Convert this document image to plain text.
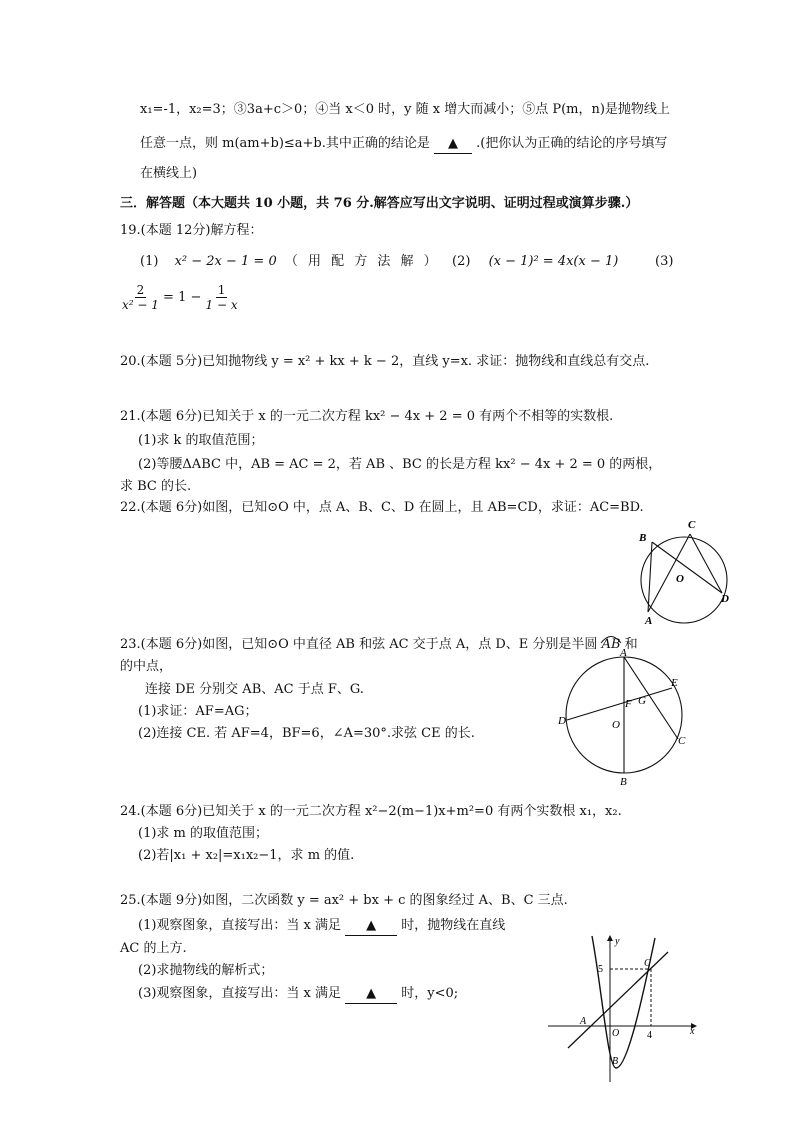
x₁=-1，x₂=3；③3a+c＞0；④当 x＜0 时，y 随 x 增大而减小；⑤点 P(m，n)是抛物线上
任意一点，则 m(am+b)≤a+b.其中正确的结论是 ▲ .(把你认为正确的结论的序号填写
在横线上)
三．解答题（本大题共 10 小题，共 76 分.解答应写出文字说明、证明过程或演算步骤.）
19.(本题 12分)解方程：
(1) x² − 2x − 1 = 0 （ 用 配 方 法 解 ） (2) (x − 1)² = 4x(x − 1)	(3)
$\frac{2}{\text{x² − 1}} = 1 - \frac{1}{1 - x}$
20.(本题 5分)已知抛物线 y = x² + kx + k − 2，直线 y=x. 求证：抛物线和直线总有交点.
21.(本题 6分)已知关于 x 的一元二次方程 kx² − 4x + 2 = 0 有两个不相等的实数根.
(1)求 k 的取值范围；
(2)等腰ΔABC 中，AB = AC = 2，若 AB 、BC 的长是方程 kx² − 4x + 2 = 0 的两根，
求 BC 的长.
22.(本题 6分)如图，已知⊙O 中，点 A、B、C、D 在圆上，且 AB=CD，求证：AC=BD.
B
C
O
A
D
23.(本题 6分)如图，已知⊙O 中直径 AB 和弦 AC 交于点 A，点 D、E 分别是半圆 AB 和
的中点，
连接 DE 分别交 AB、AC 于点 F、G.
(1)求证：AF=AG；
(2)连接 CE. 若 AF=4，BF=6，∠A=30°.求弦 CE 的长.
A
E
F G
D	O
C
B
24.(本题 6分)已知关于 x 的一元二次方程 x²−2(m−1)x+m²=0 有两个实数根 x₁，x₂.
(1)求 m 的取值范围；
(2)若|x₁ + x₂|=x₁x₂−1，求 m 的值.
25.(本题 9分)如图，二次函数 y = ax² + bx + c 的图象经过 A、B、C 三点.
(1)观察图象，直接写出：当 x 满足 ▲ 时，抛物线在直线
AC 的上方.
(2)求抛物线的解析式；
(3)观察图象，直接写出：当 x 满足 ▲ 时，y<0;
y
5
C
A
O	4	x
B
